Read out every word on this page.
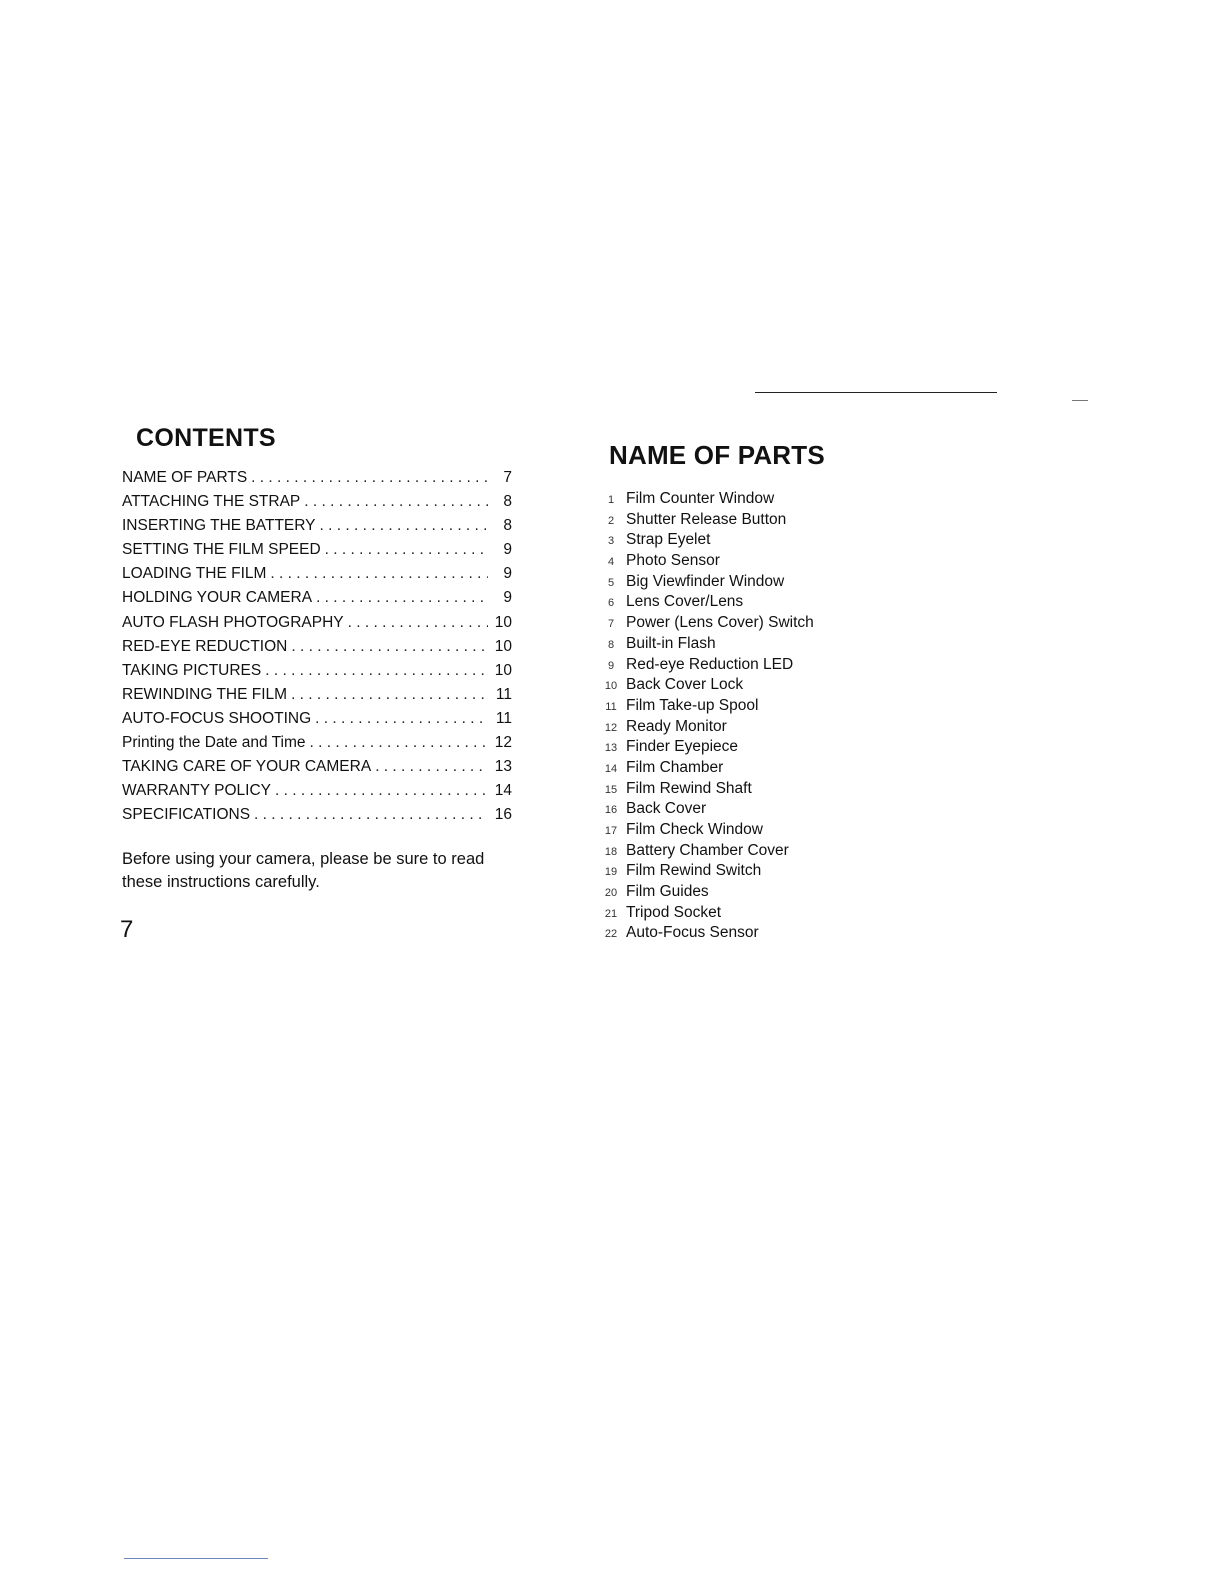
CONTENTS
NAME OF PARTS . . .	7
ATTACHING THE STRAP . . .	8
INSERTING THE BATTERY . . .	8
SETTING THE FILM SPEED . . .	9
LOADING THE FILM . . .	9
HOLDING YOUR CAMERA . . .	9
AUTO FLASH PHOTOGRAPHY . . .	10
RED-EYE REDUCTION . . .	10
TAKING PICTURES . . .	10
REWINDING THE FILM . . .	11
AUTO-FOCUS SHOOTING . . .	11
Printing the Date and Time . . .	12
TAKING CARE OF YOUR CAMERA . . .	13
WARRANTY POLICY . . .	14
SPECIFICATIONS . . .	16

Before using your camera, please be sure to read these instructions carefully.

7
NAME OF PARTS
1 Film Counter Window
2 Shutter Release Button
3 Strap Eyelet
4 Photo Sensor
5 Big Viewfinder Window
6 Lens Cover/Lens
7 Power (Lens Cover) Switch
8 Built-in Flash
9 Red-eye Reduction LED
10 Back Cover Lock
11 Film Take-up Spool
12 Ready Monitor
13 Finder Eyepiece
14 Film Chamber
15 Film Rewind Shaft
16 Back Cover
17 Film Check Window
18 Battery Chamber Cover
19 Film Rewind Switch
20 Film Guides
21 Tripod Socket
22 Auto-Focus Sensor
